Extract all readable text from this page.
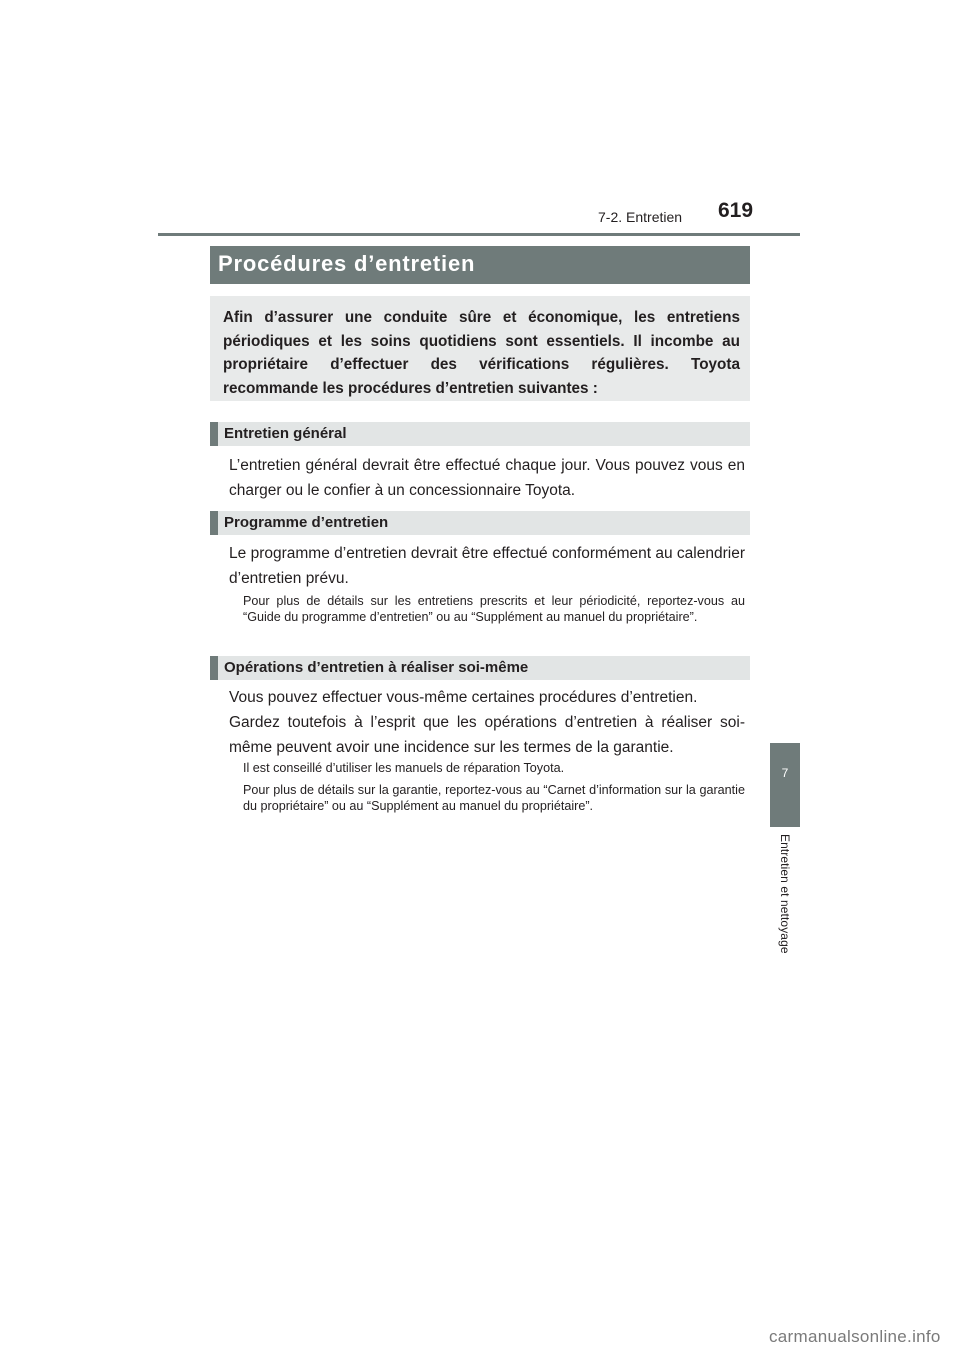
7-2. Entretien 619
7
Entretien et nettoyage
Procédures d’entretien
Afin d’assurer une conduite sûre et économique, les entretiens périodiques et les soins quotidiens sont essentiels. Il incombe au propriétaire d’effectuer des vérifications régulières. Toyota recommande les procédures d’entretien suivantes :
Entretien général
L’entretien général devrait être effectué chaque jour. Vous pouvez vous en charger ou le confier à un concessionnaire Toyota.
Programme d’entretien
Le programme d’entretien devrait être effectué conformément au calendrier d’entretien prévu.
Pour plus de détails sur les entretiens prescrits et leur périodicité, reportez-vous au “Guide du programme d’entretien” ou au “Supplément au manuel du propriétaire”.
Opérations d’entretien à réaliser soi-même
Vous pouvez effectuer vous-même certaines procédures d’entretien.
Gardez toutefois à l’esprit que les opérations d’entretien à réaliser soi-même peuvent avoir une incidence sur les termes de la garantie.
Il est conseillé d’utiliser les manuels de réparation Toyota.
Pour plus de détails sur la garantie, reportez-vous au “Carnet d’information sur la garantie du propriétaire” ou au “Supplément au manuel du propriétaire”.
carmanualsonline.info
